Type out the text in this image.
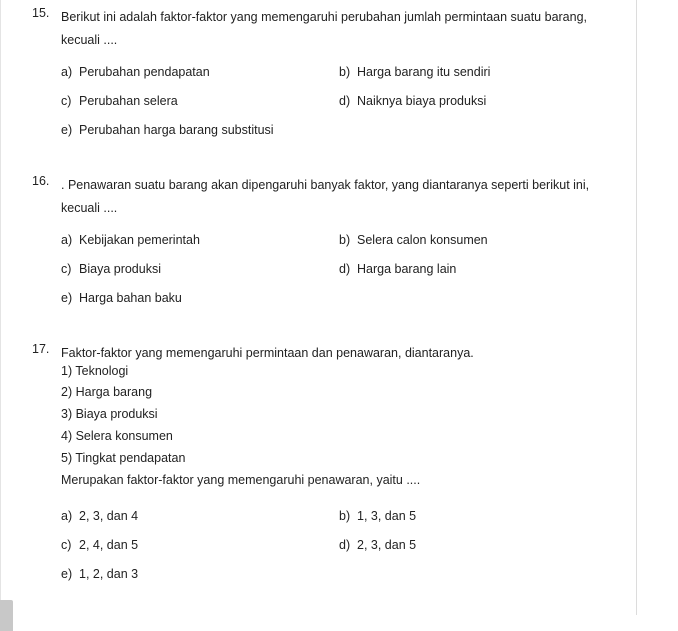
15. Berikut ini adalah faktor-faktor yang memengaruhi perubahan jumlah permintaan suatu barang,
kecuali ....
a) Perubahan pendapatan	b) Harga barang itu sendiri
c) Perubahan selera	d) Naiknya biaya produksi
e) Perubahan harga barang substitusi
16. . Penawaran suatu barang akan dipengaruhi banyak faktor, yang diantaranya seperti berikut ini,
kecuali ....
a) Kebijakan pemerintah	b) Selera calon konsumen
c) Biaya produksi	d) Harga barang lain
e) Harga bahan baku
17. Faktor-faktor yang memengaruhi permintaan dan penawaran, diantaranya.
1) Teknologi
2) Harga barang
3) Biaya produksi
4) Selera konsumen
5) Tingkat pendapatan
Merupakan faktor-faktor yang memengaruhi penawaran, yaitu ....
a) 2, 3, dan 4	b) 1, 3, dan 5
c) 2, 4, dan 5	d) 2, 3, dan 5
e) 1, 2, dan 3
